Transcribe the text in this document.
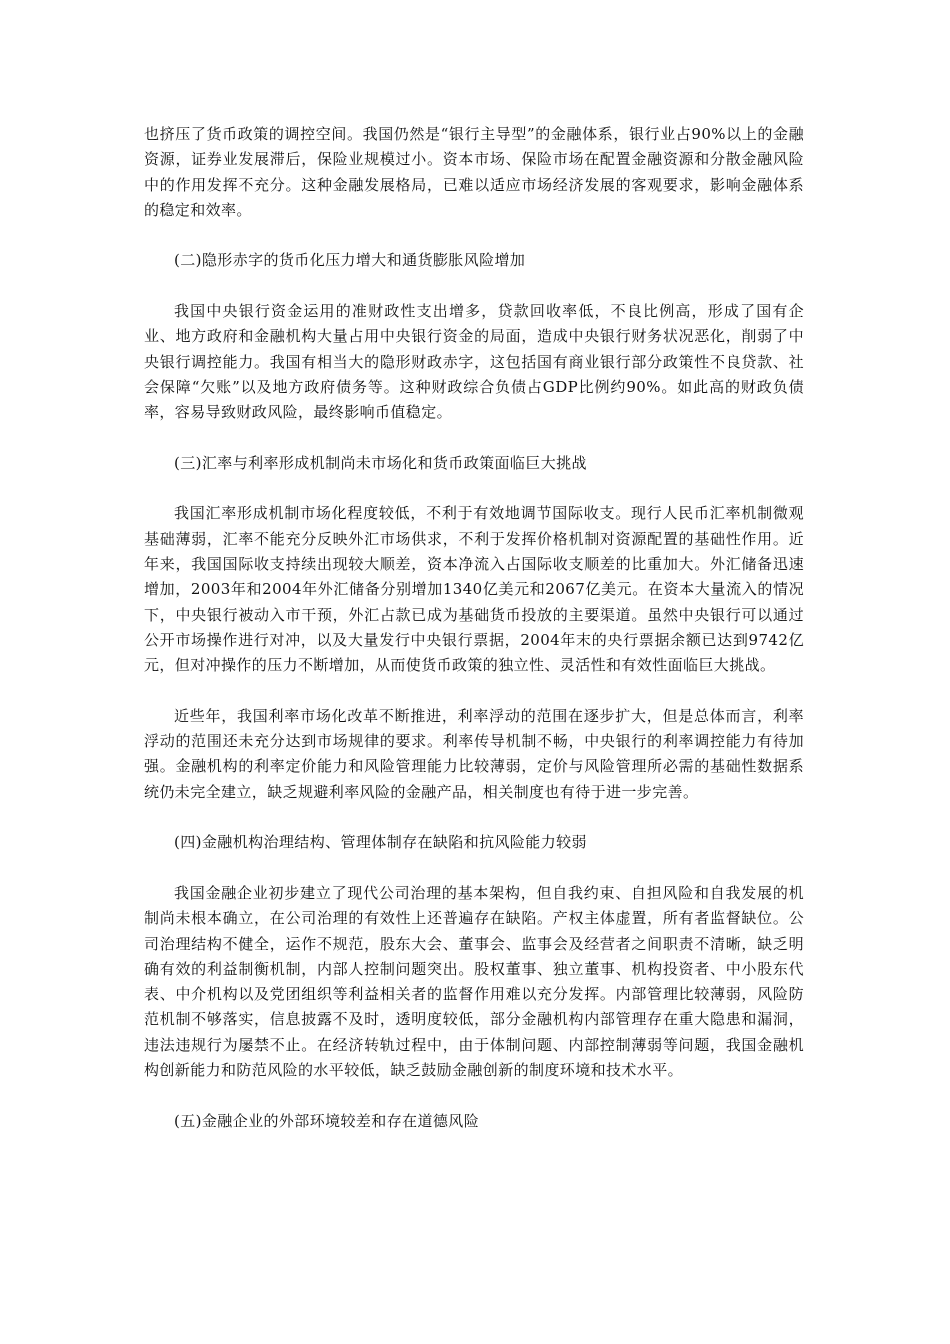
也挤压了货币政策的调控空间。我国仍然是“银行主导型”的金融体系，银行业占90%以上的金融资源，证券业发展滞后，保险业规模过小。资本市场、保险市场在配置金融资源和分散金融风险中的作用发挥不充分。这种金融发展格局，已难以适应市场经济发展的客观要求，影响金融体系的稳定和效率。

(二)隐形赤字的货币化压力增大和通货膨胀风险增加

我国中央银行资金运用的准财政性支出增多，贷款回收率低，不良比例高，形成了国有企业、地方政府和金融机构大量占用中央银行资金的局面，造成中央银行财务状况恶化，削弱了中央银行调控能力。我国有相当大的隐形财政赤字，这包括国有商业银行部分政策性不良贷款、社会保障“欠账”以及地方政府债务等。这种财政综合负债占GDP比例约90%。如此高的财政负债率，容易导致财政风险，最终影响币值稳定。

(三)汇率与利率形成机制尚未市场化和货币政策面临巨大挑战

我国汇率形成机制市场化程度较低，不利于有效地调节国际收支。现行人民币汇率机制微观基础薄弱，汇率不能充分反映外汇市场供求，不利于发挥价格机制对资源配置的基础性作用。近年来，我国国际收支持续出现较大顺差，资本净流入占国际收支顺差的比重加大。外汇储备迅速增加，2003年和2004年外汇储备分别增加1340亿美元和2067亿美元。在资本大量流入的情况下，中央银行被动入市干预，外汇占款已成为基础货币投放的主要渠道。虽然中央银行可以通过公开市场操作进行对冲，以及大量发行中央银行票据，2004年末的央行票据余额已达到9742亿元，但对冲操作的压力不断增加，从而使货币政策的独立性、灵活性和有效性面临巨大挑战。

近些年，我国利率市场化改革不断推进，利率浮动的范围在逐步扩大，但是总体而言，利率浮动的范围还未充分达到市场规律的要求。利率传导机制不畅，中央银行的利率调控能力有待加强。金融机构的利率定价能力和风险管理能力比较薄弱，定价与风险管理所必需的基础性数据系统仍未完全建立，缺乏规避利率风险的金融产品，相关制度也有待于进一步完善。

(四)金融机构治理结构、管理体制存在缺陷和抗风险能力较弱

我国金融企业初步建立了现代公司治理的基本架构，但自我约束、自担风险和自我发展的机制尚未根本确立，在公司治理的有效性上还普遍存在缺陷。产权主体虚置，所有者监督缺位。公司治理结构不健全，运作不规范，股东大会、董事会、监事会及经营者之间职责不清晰，缺乏明确有效的利益制衡机制，内部人控制问题突出。股权董事、独立董事、机构投资者、中小股东代表、中介机构以及党团组织等利益相关者的监督作用难以充分发挥。内部管理比较薄弱，风险防范机制不够落实，信息披露不及时，透明度较低，部分金融机构内部管理存在重大隐患和漏洞，违法违规行为屡禁不止。在经济转轨过程中，由于体制问题、内部控制薄弱等问题，我国金融机构创新能力和防范风险的水平较低，缺乏鼓励金融创新的制度环境和技术水平。

(五)金融企业的外部环境较差和存在道德风险
